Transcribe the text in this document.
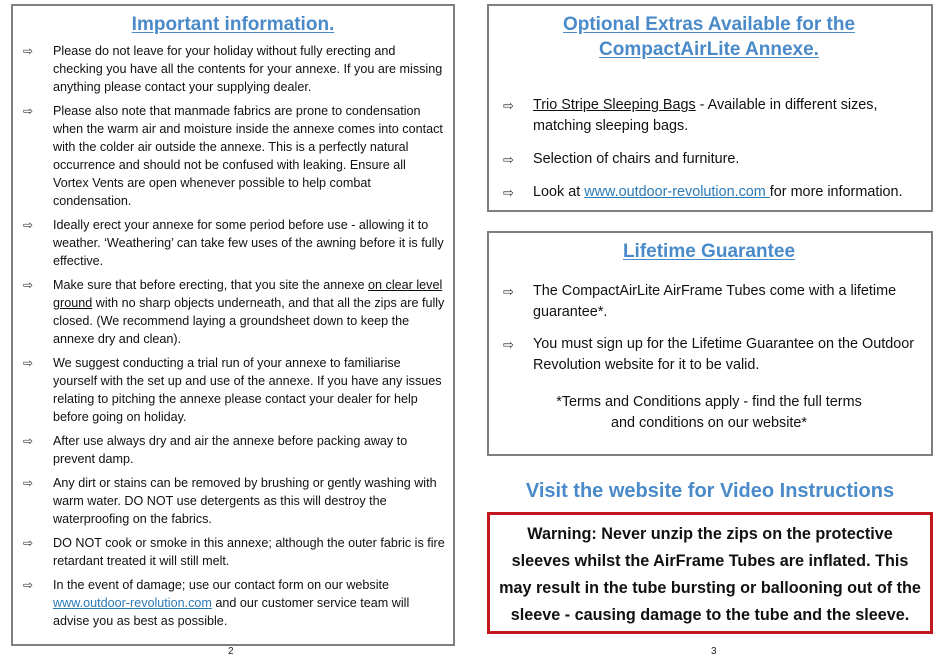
Important information.
⇨ Please do not leave for your holiday without fully erecting and checking you have all the contents for your annexe. If you are missing anything please contact your supplying dealer.
⇨ Please also note that manmade fabrics are prone to condensation when the warm air and moisture inside the annexe comes into contact with the colder air outside the annexe. This is a perfectly natural occurrence and should not be confused with leaking. Ensure all Vortex Vents are open whenever possible to help combat condensation.
⇨ Ideally erect your annexe for some period before use - allowing it to weather. ‘Weathering’ can take few uses of the awning before it is fully effective.
⇨ Make sure that before erecting, that you site the annexe on clear level ground with no sharp objects underneath, and that all the zips are fully closed. (We recommend laying a groundsheet down to keep the annexe dry and clean).
⇨ We suggest conducting a trial run of your annexe to familiarise yourself with the set up and use of the annexe. If you have any issues relating to pitching the annexe please contact your dealer for help before going on holiday.
⇨ After use always dry and air the annexe before packing away to prevent damp.
⇨ Any dirt or stains can be removed by brushing or gently washing with warm water. DO NOT use detergents as this will destroy the waterproofing on the fabrics.
⇨ DO NOT cook or smoke in this annexe; although the outer fabric is fire retardant treated it will still melt.
⇨ In the event of damage; use our contact form on our website www.outdoor-revolution.com and our customer service team will advise you as best as possible.
2
Optional Extras Available for the CompactAirLite Annexe.
⇨ Trio Stripe Sleeping Bags - Available in different sizes, matching sleeping bags.
⇨ Selection of chairs and furniture.
⇨ Look at www.outdoor-revolution.com for more information.
Lifetime Guarantee
⇨ The CompactAirLite AirFrame Tubes come with a lifetime guarantee*.
⇨ You must sign up for the Lifetime Guarantee on the Outdoor Revolution website for it to be valid.
*Terms and Conditions apply - find the full terms
and conditions on our website*
Visit the website for Video Instructions
Warning: Never unzip the zips on the protective sleeves whilst the AirFrame Tubes are inflated. This may result in the tube bursting or ballooning out of the sleeve - causing damage to the tube and the sleeve.
3
